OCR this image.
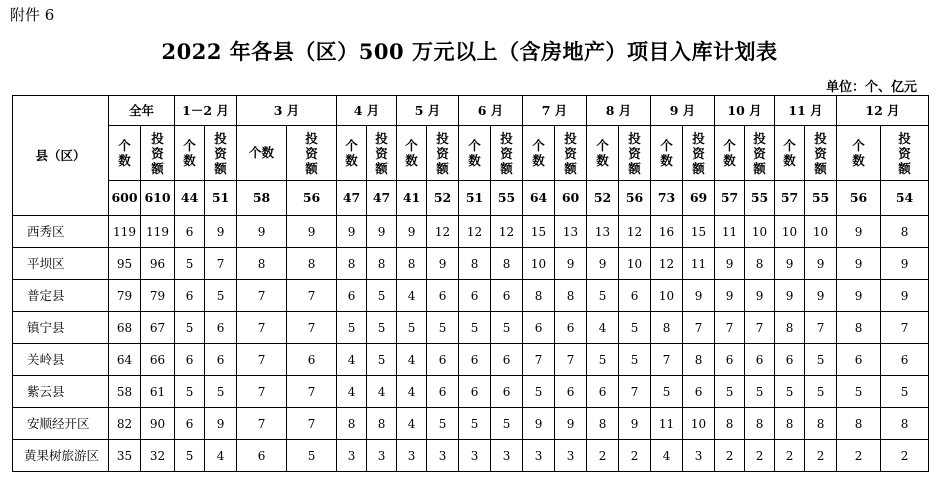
附件 6
2022 年各县（区）500 万元以上（含房地产）项目入库计划表
单位：个、亿元
县（区）	全年		1－2 月		3 月		4 月		5 月		6 月		7 月		8 月		9 月		10 月		11 月		12 月	
	个数	投资额	个数	投资额	个数	投资额	个数	投资额	个数	投资额	个数	投资额	个数	投资额	个数	投资额	个数	投资额	个数	投资额	个数	投资额	个数	投资额
	600	610	44	51	58	56	47	47	41	52	51	55	64	60	52	56	73	69	57	55	57	55	56	54
西秀区	119	119	6	9	9	9	9	9	9	12	12	12	15	13	13	12	16	15	11	10	10	10	9	8
平坝区	95	96	5	7	8	8	8	8	8	9	8	8	10	9	9	10	12	11	9	8	9	9	9	9
普定县	79	79	6	5	7	7	6	5	4	6	6	6	8	8	5	6	10	9	9	9	9	9	9	9
镇宁县	68	67	5	6	7	7	5	5	5	5	5	5	6	6	4	5	8	7	7	7	8	7	8	7
关岭县	64	66	6	6	7	6	4	5	4	6	6	6	7	7	5	5	7	8	6	6	6	5	6	6
紫云县	58	61	5	5	7	7	4	4	4	6	6	6	5	6	6	7	5	6	5	5	5	5	5	5
安顺经开区	82	90	6	9	7	7	8	8	4	5	5	5	9	9	8	9	11	10	8	8	8	8	8	8
黄果树旅游区	35	32	5	4	6	5	3	3	3	3	3	3	3	3	2	2	4	3	2	2	2	2	2	2
